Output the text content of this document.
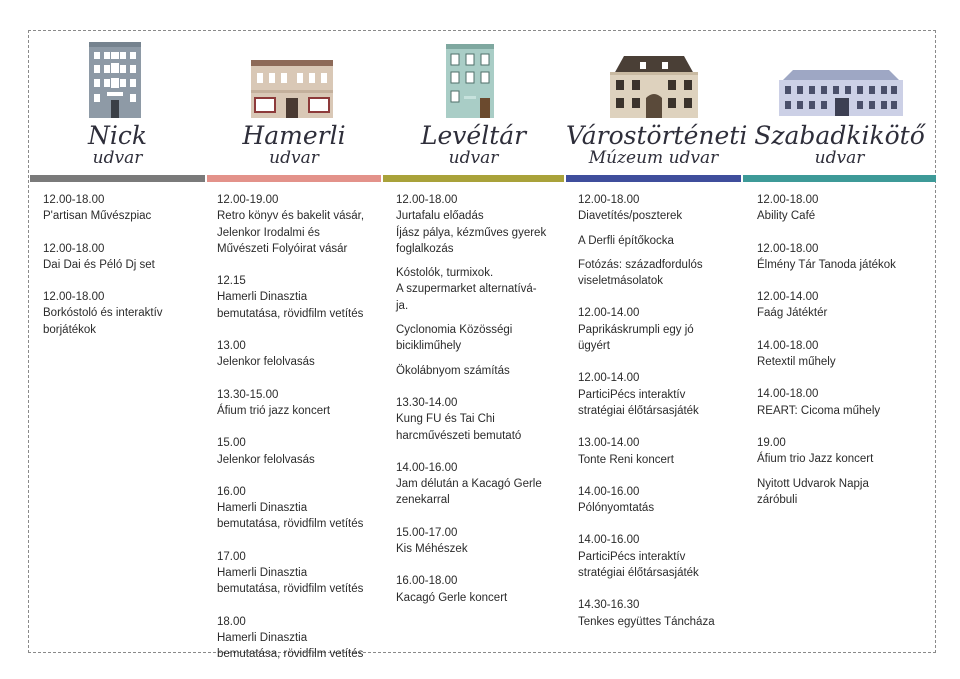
Nick
udvar
12.00-18.00
P'artisan Művészpiac
12.00-18.00
Dai Dai és Péló Dj set
12.00-18.00
Borkóstoló és interaktív
borjátékok
Hamerli
udvar
12.00-19.00
Retro könyv és bakelit vásár,
Jelenkor Irodalmi és
Művészeti Folyóirat vásár
12.15
Hamerli Dinasztia
bemutatása, rövidfilm vetítés
13.00
Jelenkor felolvasás
13.30-15.00
Áfium trió jazz koncert
15.00
Jelenkor felolvasás
16.00
Hamerli Dinasztia
bemutatása, rövidfilm vetítés
17.00
Hamerli Dinasztia
bemutatása, rövidfilm vetítés
18.00
Hamerli Dinasztia
bemutatása, rövidfilm vetítés
Levéltár
udvar
12.00-18.00
Jurtafalu előadás
Íjász pálya, kézműves gyerek
foglalkozás
Kóstolók, turmixok.
A szupermarket alternatívá-
ja.
Cyclonomia Közösségi
bicikliműhely
Ökolábnyom számítás
13.30-14.00
Kung FU és Tai Chi
harcművészeti bemutató
14.00-16.00
Jam délután a Kacagó Gerle
zenekarral
15.00-17.00
Kis Méhészek
16.00-18.00
Kacagó Gerle koncert
Várostörténeti
Múzeum udvar
12.00-18.00
Diavetítés/poszterek
A Derfli építőkocka
Fotózás: századfordulós
viseletmásolatok
12.00-14.00
Paprikáskrumpli egy jó
ügyért
12.00-14.00
ParticiPécs interaktív
stratégiai élőtársasjáték
13.00-14.00
Tonte Reni koncert
14.00-16.00
Pólónyomtatás
14.00-16.00
ParticiPécs interaktív
stratégiai élőtársasjáték
14.30-16.30
Tenkes együttes Táncháza
Szabadkikötő
udvar
12.00-18.00
Ability Café
12.00-18.00
Élmény Tár Tanoda játékok
12.00-14.00
Faág Játéktér
14.00-18.00
Retextil műhely
14.00-18.00
REART: Cicoma műhely
19.00
Áfium trio Jazz koncert
Nyitott Udvarok Napja
záróbuli
